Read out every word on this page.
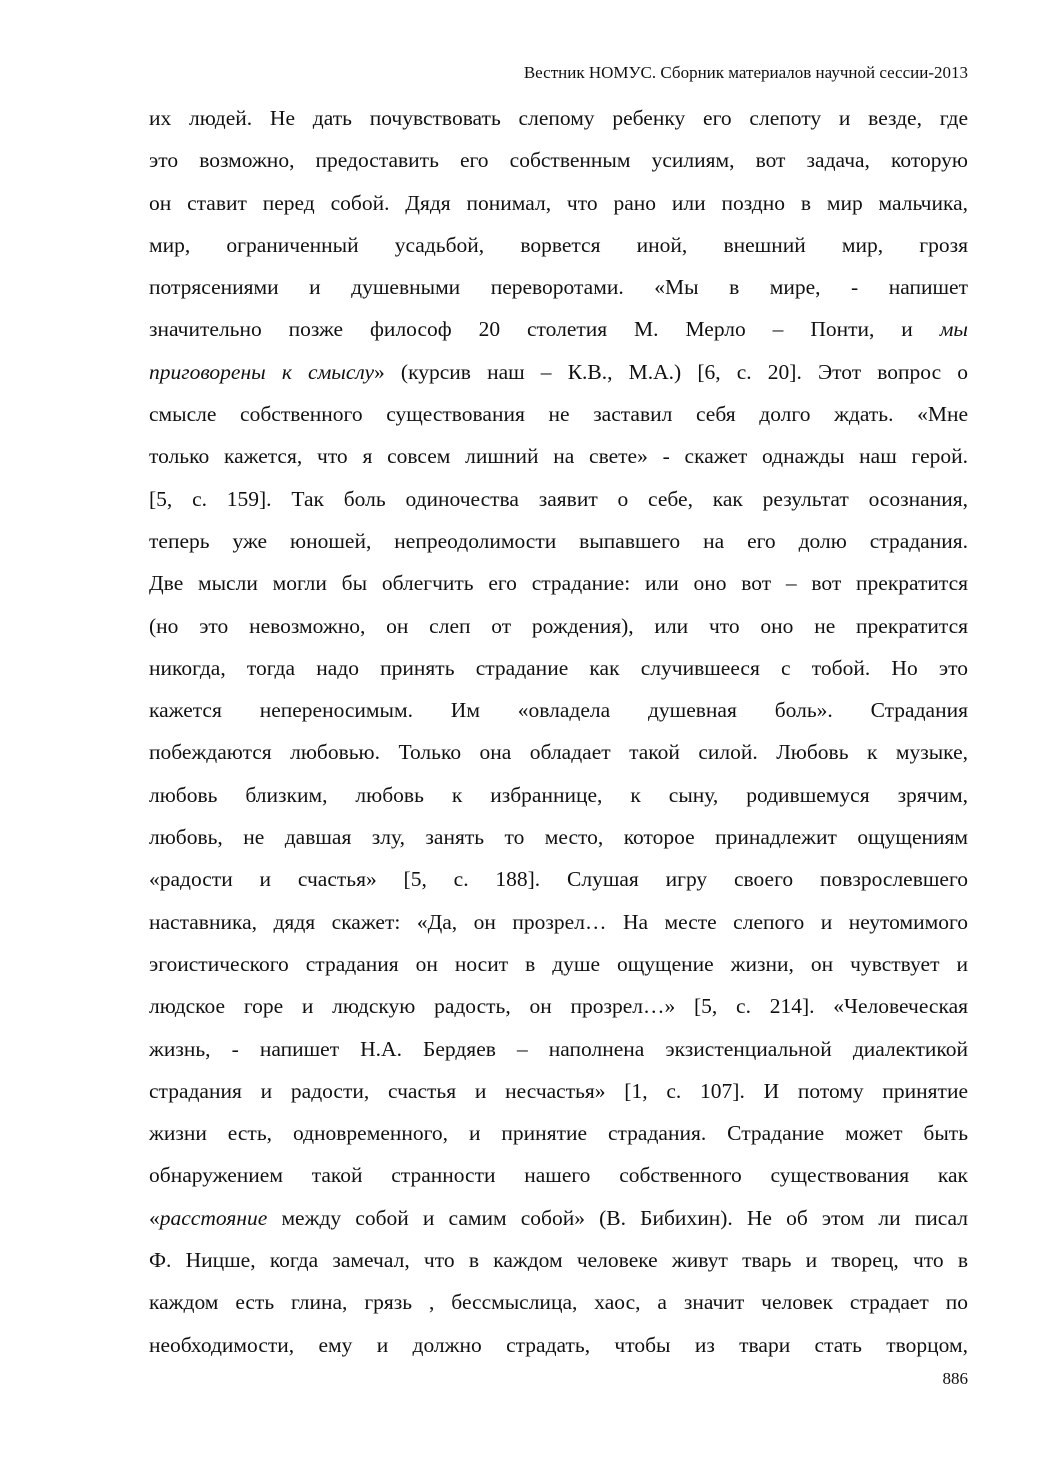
Вестник НОМУС. Сборник материалов научной сессии-2013
их людей. Не дать почувствовать слепому ребенку его слепоту и везде, где
это возможно, предоставить его собственным усилиям, вот задача, которую
он ставит перед собой. Дядя понимал, что рано или поздно в мир мальчика,
мир, ограниченный усадьбой, ворвется иной, внешний мир, грозя
потрясениями и душевными переворотами. «Мы в мире, - напишет
значительно позже философ 20 столетия М. Мерло – Понти, и мы
приговорены к смыслу» (курсив наш – К.В., М.А.) [6, с. 20]. Этот вопрос о
смысле собственного существования не заставил себя долго ждать. «Мне
только кажется, что я совсем лишний на свете» - скажет однажды наш герой.
[5, с. 159]. Так боль одиночества заявит о себе, как результат осознания,
теперь уже юношей, непреодолимости выпавшего на его долю страдания.
Две мысли могли бы облегчить его страдание: или оно вот – вот прекратится
(но это невозможно, он слеп от рождения), или что оно не прекратится
никогда, тогда надо принять страдание как случившееся с тобой. Но это
кажется непереносимым. Им «овладела душевная боль». Страдания
побеждаются любовью. Только она обладает такой силой. Любовь к музыке,
любовь близким, любовь к избраннице, к сыну, родившемуся зрячим,
любовь, не давшая злу, занять то место, которое принадлежит ощущениям
«радости и счастья» [5, с. 188]. Слушая игру своего повзрослевшего
наставника, дядя скажет: «Да, он прозрел… На месте слепого и неутомимого
эгоистического страдания он носит в душе ощущение жизни, он чувствует и
людское горе и людскую радость, он прозрел…» [5, с. 214]. «Человеческая
жизнь, - напишет Н.А. Бердяев – наполнена экзистенциальной диалектикой
страдания и радости, счастья и несчастья» [1, с. 107]. И потому принятие
жизни есть, одновременного, и принятие страдания. Страдание может быть
обнаружением такой странности нашего собственного существования как
«расстояние между собой и самим собой» (В. Бибихин). Не об этом ли писал
Ф. Ницше, когда замечал, что в каждом человеке живут тварь и творец, что в
каждом есть глина, грязь , бессмыслица, хаос, а значит человек страдает по
необходимости, ему и должно страдать, чтобы из твари стать творцом,
886
